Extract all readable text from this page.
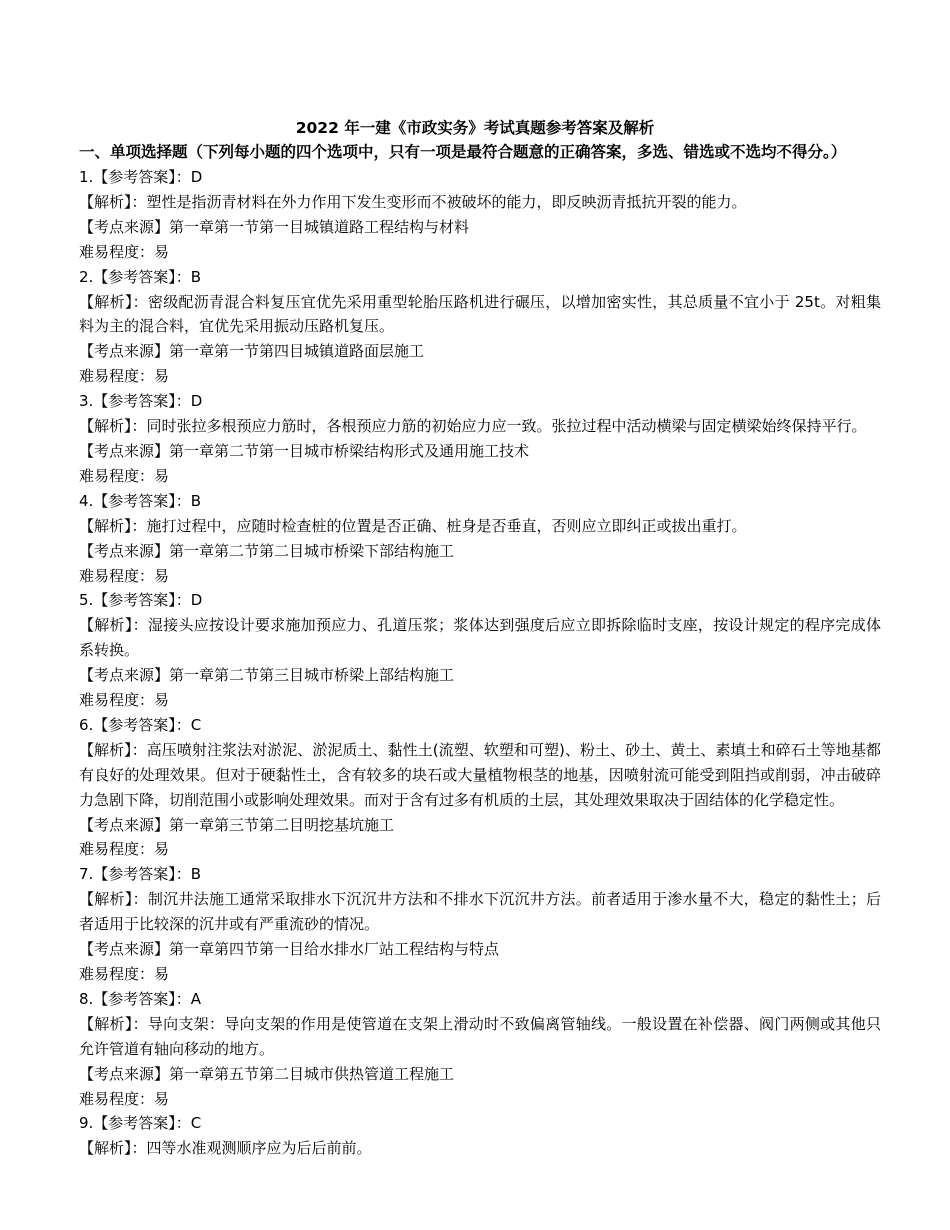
2022 年一建《市政实务》考试真题参考答案及解析
一、单项选择题（下列每小题的四个选项中，只有一项是最符合题意的正确答案，多选、错选或不选均不得分。）
1.【参考答案】：D
【解析】：塑性是指沥青材料在外力作用下发生变形而不被破坏的能力，即反映沥青抵抗开裂的能力。
【考点来源】第一章第一节第一目城镇道路工程结构与材料
难易程度：易
2.【参考答案】：B
【解析】：密级配沥青混合料复压宜优先采用重型轮胎压路机进行碾压，以增加密实性，其总质量不宜小于 25t。对粗集料为主的混合料，宜优先采用振动压路机复压。
【考点来源】第一章第一节第四目城镇道路面层施工
难易程度：易
3.【参考答案】：D
【解析】：同时张拉多根预应力筋时，各根预应力筋的初始应力应一致。张拉过程中活动横梁与固定横梁始终保持平行。
【考点来源】第一章第二节第一目城市桥梁结构形式及通用施工技术
难易程度：易
4.【参考答案】：B
【解析】：施打过程中，应随时检查桩的位置是否正确、桩身是否垂直，否则应立即纠正或拔出重打。
【考点来源】第一章第二节第二目城市桥梁下部结构施工
难易程度：易
5.【参考答案】：D
【解析】：湿接头应按设计要求施加预应力、孔道压浆；浆体达到强度后应立即拆除临时支座，按设计规定的程序完成体系转换。
【考点来源】第一章第二节第三目城市桥梁上部结构施工
难易程度：易
6.【参考答案】：C
【解析】：高压喷射注浆法对淤泥、淤泥质土、黏性土(流塑、软塑和可塑)、粉土、砂土、黄土、素填土和碎石土等地基都有良好的处理效果。但对于硬黏性土，含有较多的块石或大量植物根茎的地基，因喷射流可能受到阻挡或削弱，冲击破碎力急剧下降，切削范围小或影响处理效果。而对于含有过多有机质的土层，其处理效果取决于固结体的化学稳定性。
【考点来源】第一章第三节第二目明挖基坑施工
难易程度：易
7.【参考答案】：B
【解析】：制沉井法施工通常采取排水下沉沉井方法和不排水下沉沉井方法。前者适用于渗水量不大，稳定的黏性土；后者适用于比较深的沉井或有严重流砂的情况。
【考点来源】第一章第四节第一目给水排水厂站工程结构与特点
难易程度：易
8.【参考答案】：A
【解析】：导向支架：导向支架的作用是使管道在支架上滑动时不致偏离管轴线。一般设置在补偿器、阀门两侧或其他只允许管道有轴向移动的地方。
【考点来源】第一章第五节第二目城市供热管道工程施工
难易程度：易
9.【参考答案】：C
【解析】：四等水准观测顺序应为后后前前。
